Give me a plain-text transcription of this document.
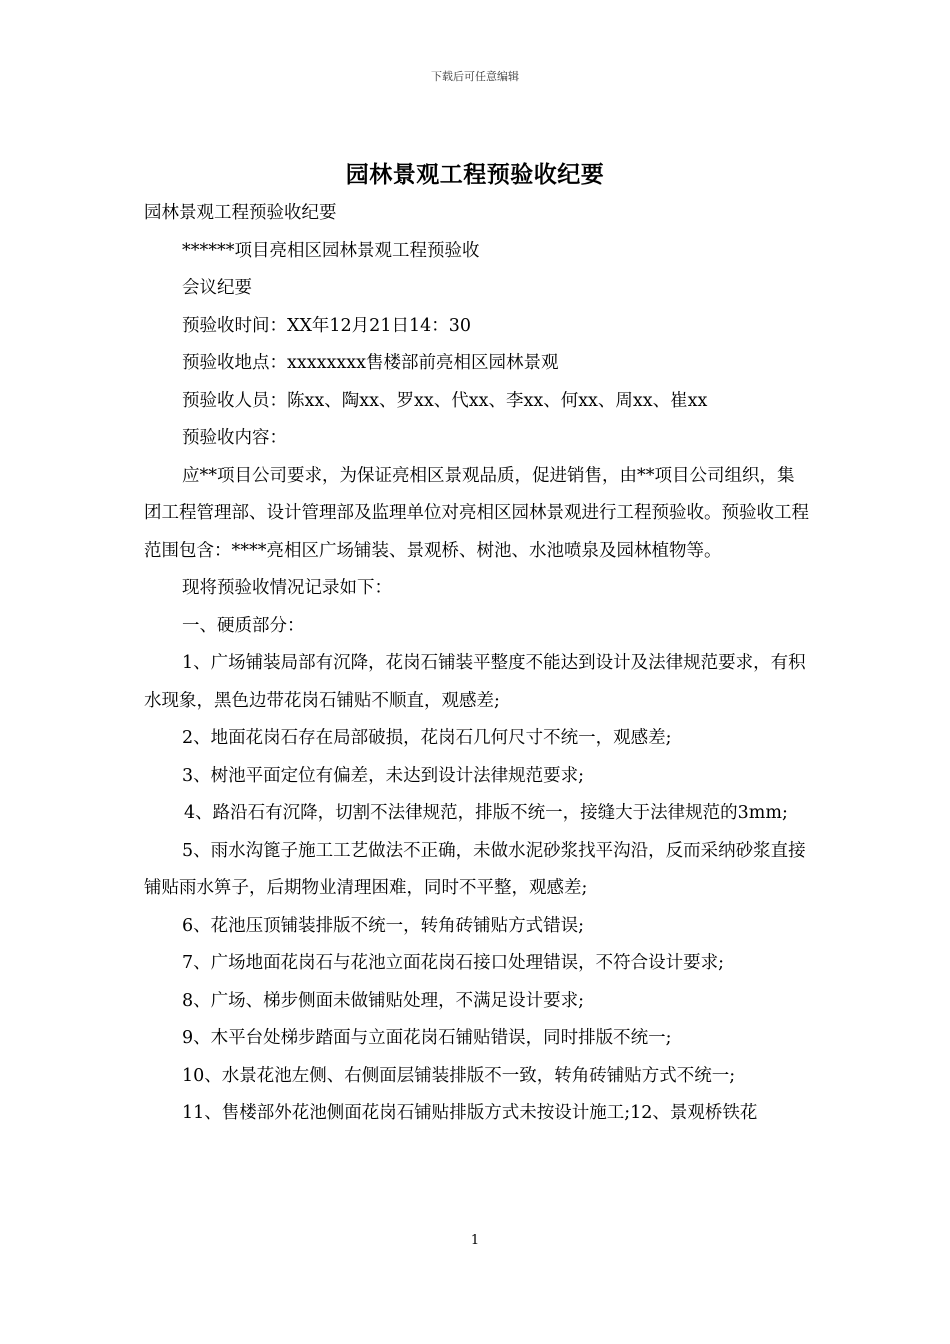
下载后可任意编辑
园林景观工程预验收纪要

园林景观工程预验收纪要

******项目亮相区园林景观工程预验收

会议纪要

预验收时间：XX年12月21日14：30

预验收地点：xxxxxxxx售楼部前亮相区园林景观

预验收人员：陈xx、陶xx、罗xx、代xx、李xx、何xx、周xx、崔xx

预验收内容：

应**项目公司要求，为保证亮相区景观品质，促进销售，由**项目公司组织，集团工程管理部、设计管理部及监理单位对亮相区园林景观进行工程预验收。预验收工程范围包含：****亮相区广场铺装、景观桥、树池、水池喷泉及园林植物等。

现将预验收情况记录如下：

一、硬质部分：

1、广场铺装局部有沉降，花岗石铺装平整度不能达到设计及法律规范要求，有积水现象，黑色边带花岗石铺贴不顺直，观感差;

2、地面花岗石存在局部破损，花岗石几何尺寸不统一，观感差;

3、树池平面定位有偏差，未达到设计法律规范要求;

4、路沿石有沉降，切割不法律规范，排版不统一，接缝大于法律规范的3mm;

5、雨水沟篦子施工工艺做法不正确，未做水泥砂浆找平沟沿，反而采纳砂浆直接铺贴雨水箅子，后期物业清理困难，同时不平整，观感差;

6、花池压顶铺装排版不统一，转角砖铺贴方式错误;

7、广场地面花岗石与花池立面花岗石接口处理错误，不符合设计要求;

8、广场、梯步侧面未做铺贴处理，不满足设计要求;

9、木平台处梯步踏面与立面花岗石铺贴错误，同时排版不统一;

10、水景花池左侧、右侧面层铺装排版不一致，转角砖铺贴方式不统一;

11、售楼部外花池侧面花岗石铺贴排版方式未按设计施工;12、景观桥铁花

1
